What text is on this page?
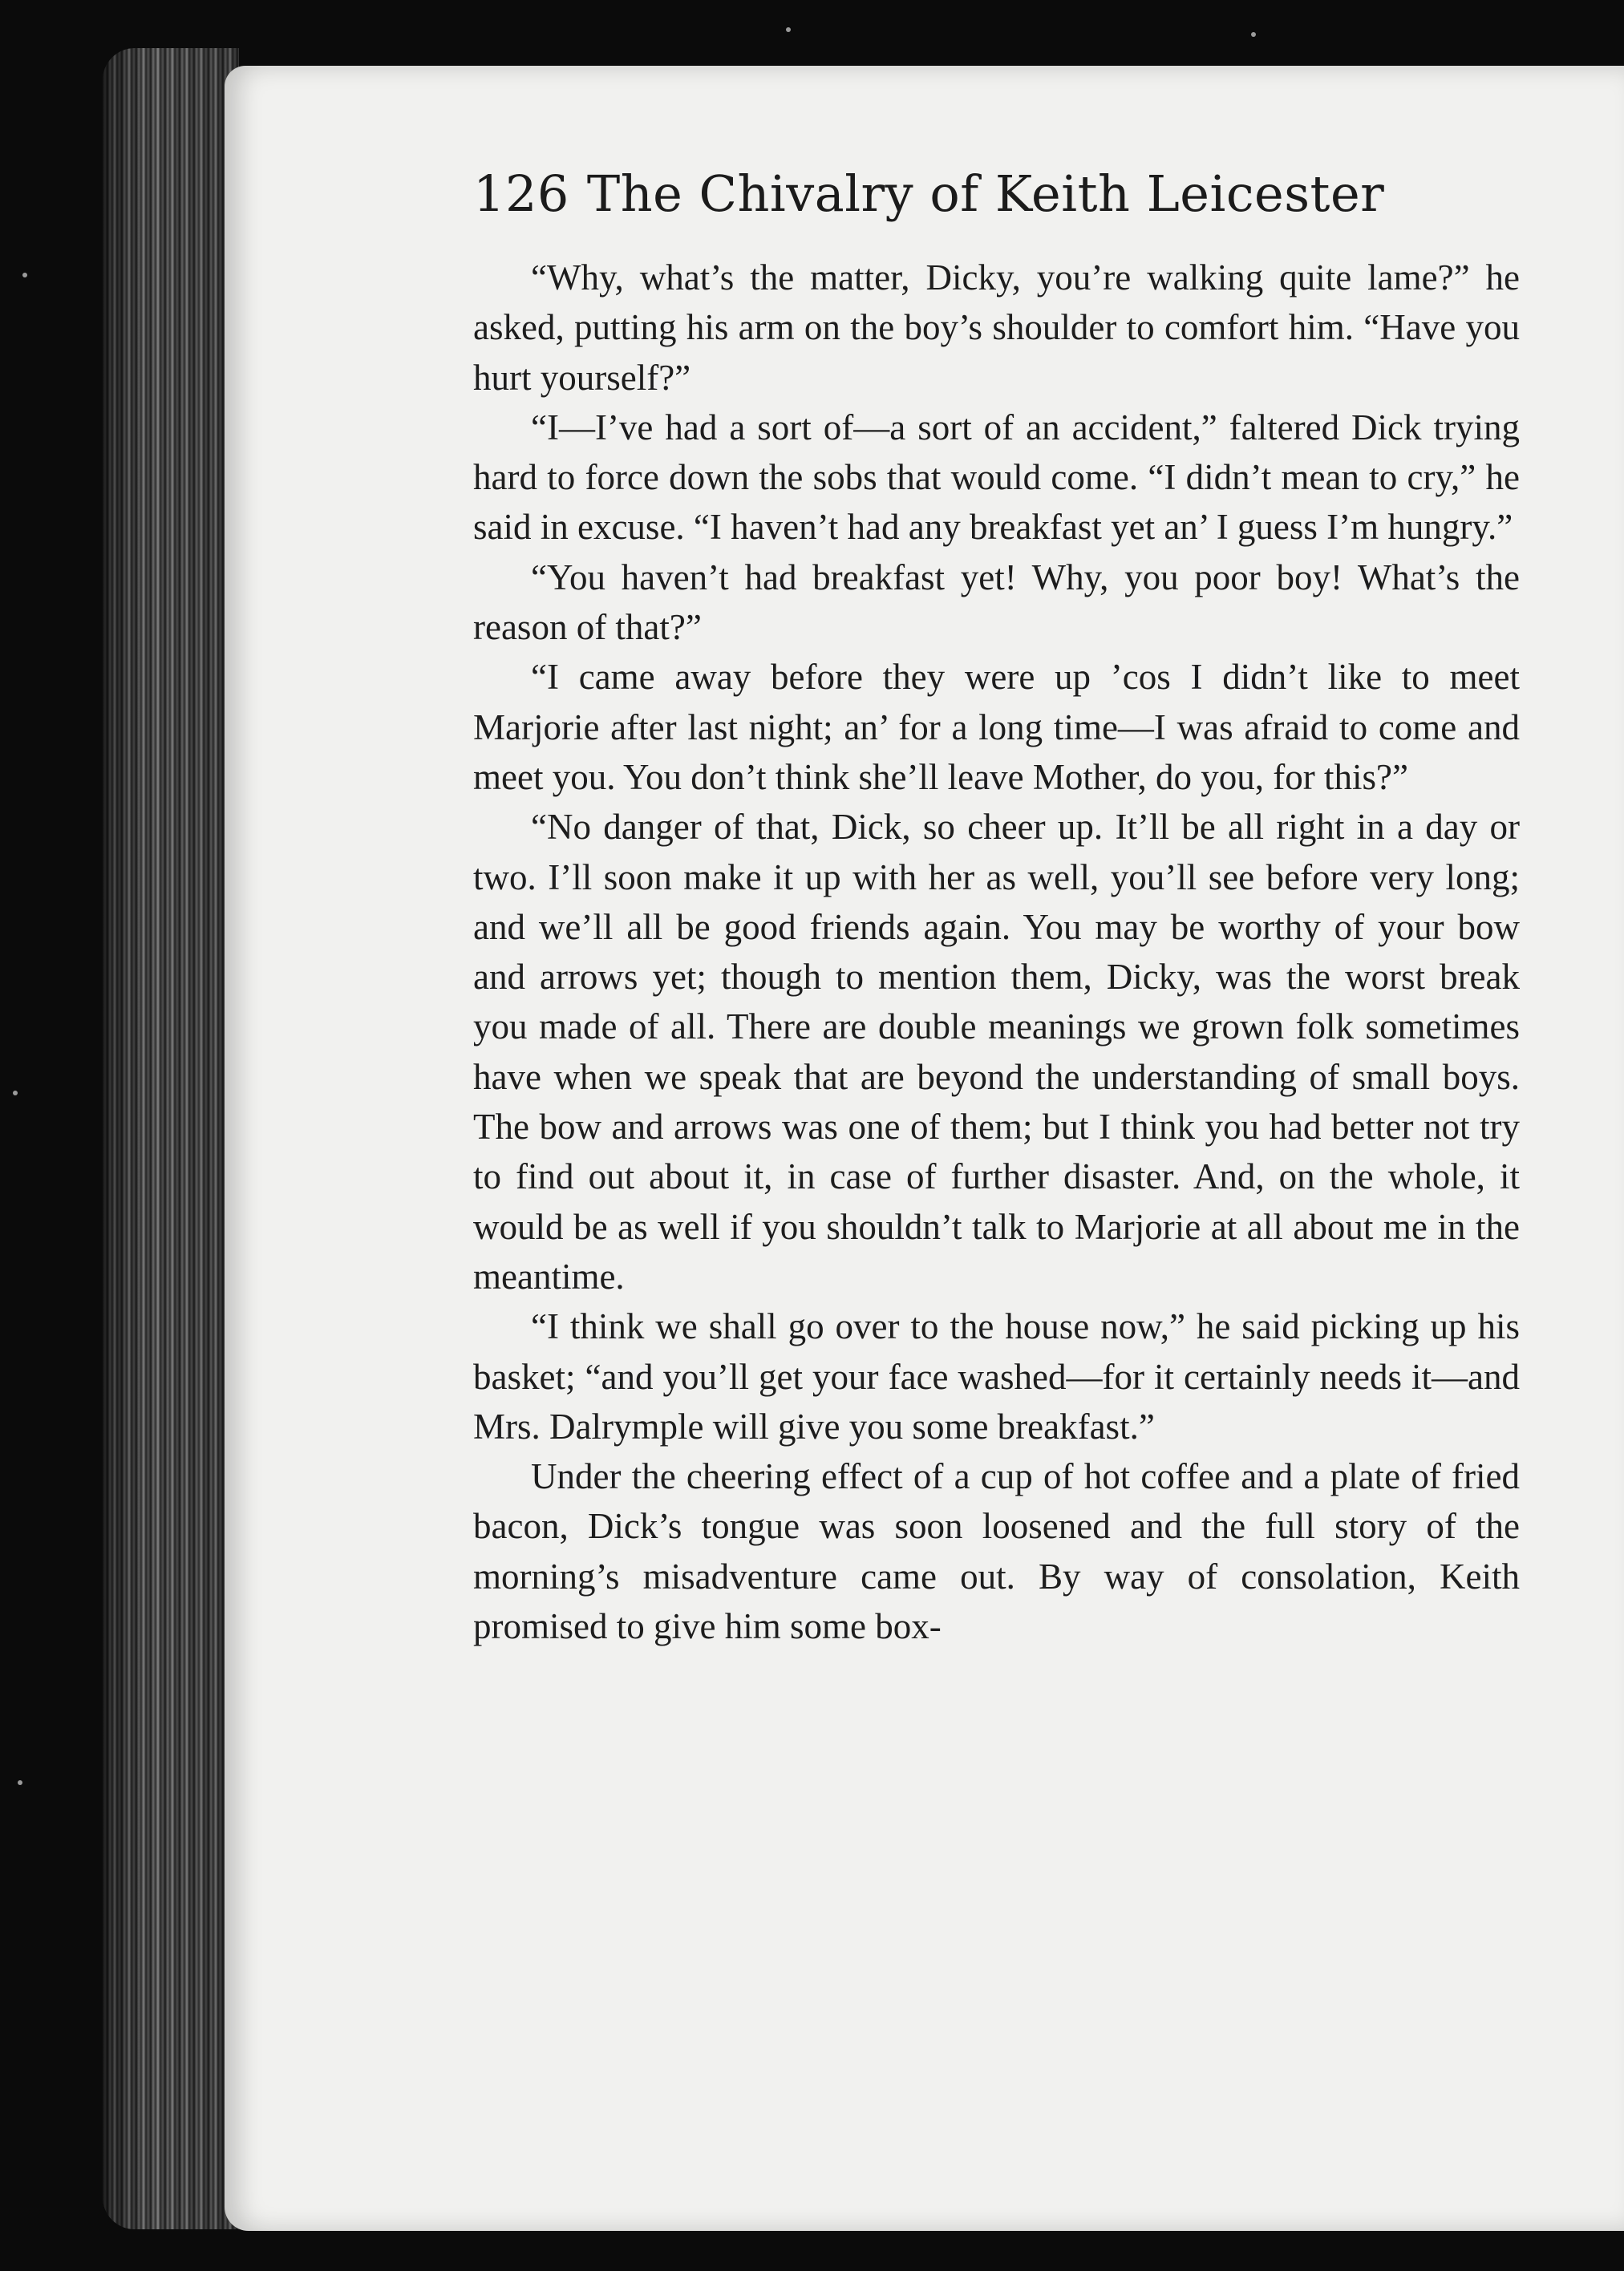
126 The Chivalry of Keith Leicester

“Why, what’s the matter, Dicky, you’re walking quite lame?” he asked, putting his arm on the boy’s shoulder to comfort him. “Have you hurt yourself?”

“I—I’ve had a sort of—a sort of an accident,” faltered Dick trying hard to force down the sobs that would come. “I didn’t mean to cry,” he said in excuse. “I haven’t had any breakfast yet an’ I guess I’m hungry.”

“You haven’t had breakfast yet! Why, you poor boy! What’s the reason of that?”

“I came away before they were up ’cos I didn’t like to meet Marjorie after last night; an’ for a long time—I was afraid to come and meet you. You don’t think she’ll leave Mother, do you, for this?”

“No danger of that, Dick, so cheer up. It’ll be all right in a day or two. I’ll soon make it up with her as well, you’ll see before very long; and we’ll all be good friends again. You may be worthy of your bow and arrows yet; though to mention them, Dicky, was the worst break you made of all. There are double meanings we grown folk sometimes have when we speak that are beyond the understanding of small boys. The bow and arrows was one of them; but I think you had better not try to find out about it, in case of further disaster. And, on the whole, it would be as well if you shouldn’t talk to Marjorie at all about me in the meantime.

“I think we shall go over to the house now,” he said picking up his basket; “and you’ll get your face washed—for it certainly needs it—and Mrs. Dalrymple will give you some breakfast.”

Under the cheering effect of a cup of hot coffee and a plate of fried bacon, Dick’s tongue was soon loosened and the full story of the morning’s misadventure came out. By way of consolation, Keith promised to give him some box-
